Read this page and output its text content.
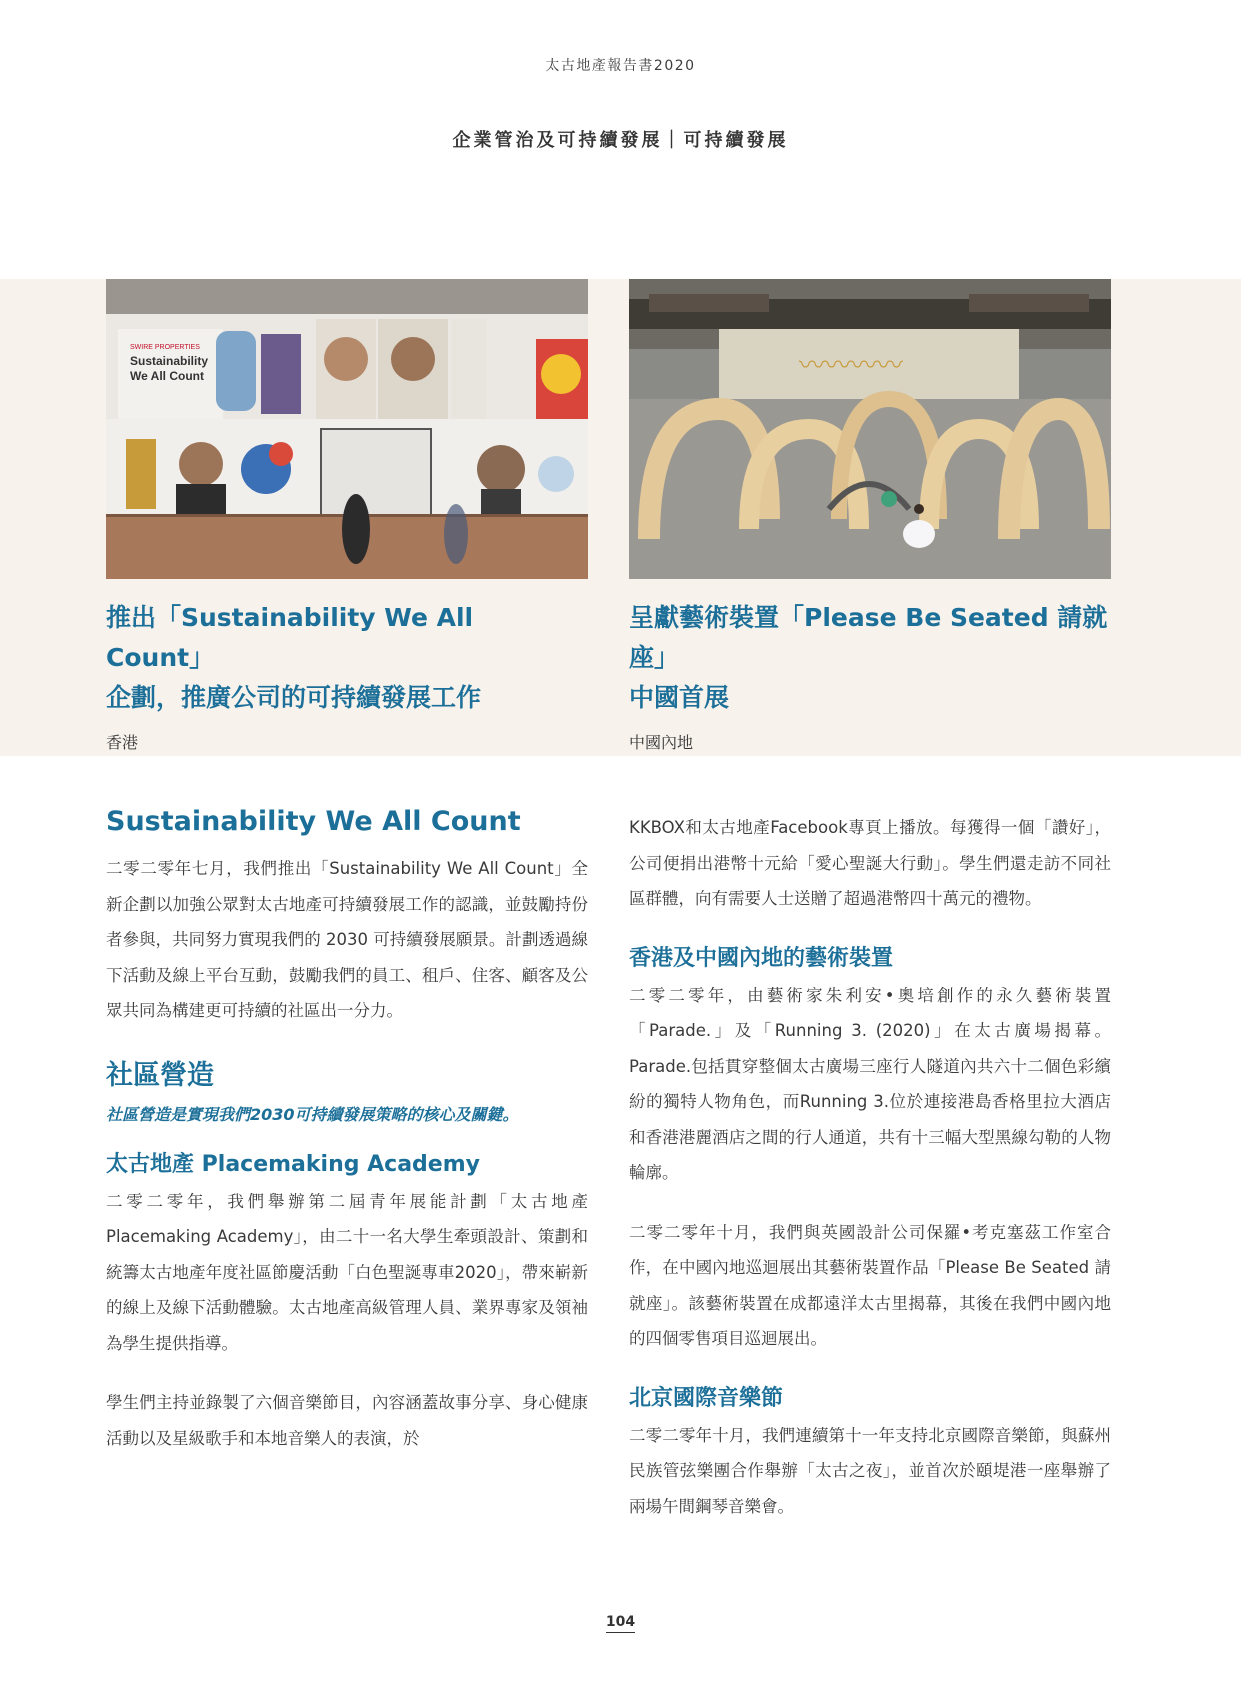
太古地產報告書2020
企業管治及可持續發展｜可持續發展
SWIRE PROPERTIES
Sustainability
We All Count	〰〰〰〰

推出「Sustainability We All Count」
企劃，推廣公司的可持續發展工作

香港

呈獻藝術裝置「Please Be Seated 請就座」
中國首展

中國內地

Sustainability We All Count

二零二零年七月，我們推出「Sustainability We All Count」全新企劃以加強公眾對太古地產可持續發展工作的認識，並鼓勵持份者參與，共同努力實現我們的 2030 可持續發展願景。計劃透過線下活動及線上平台互動，鼓勵我們的員工、租戶、住客、顧客及公眾共同為構建更可持續的社區出一分力。

社區營造

社區營造是實現我們2030可持續發展策略的核心及關鍵。

太古地產 Placemaking Academy

二零二零年，我們舉辦第二屆青年展能計劃「太古地產Placemaking Academy」，由二十一名大學生牽頭設計、策劃和統籌太古地產年度社區節慶活動「白色聖誕專車2020」，帶來嶄新的線上及線下活動體驗。太古地產高級管理人員、業界專家及領袖為學生提供指導。

學生們主持並錄製了六個音樂節目，內容涵蓋故事分享、身心健康活動以及星級歌手和本地音樂人的表演，於

KKBOX和太古地產Facebook專頁上播放。每獲得一個「讚好」，公司便捐出港幣十元給「愛心聖誕大行動」。學生們還走訪不同社區群體，向有需要人士送贈了超過港幣四十萬元的禮物。

香港及中國內地的藝術裝置

二零二零年，由藝術家朱利安•奧培創作的永久藝術裝置「Parade.」及「Running 3. (2020)」在太古廣場揭幕。Parade.包括貫穿整個太古廣場三座行人隧道內共六十二個色彩繽紛的獨特人物角色，而Running 3.位於連接港島香格里拉大酒店和香港港麗酒店之間的行人通道，共有十三幅大型黑線勾勒的人物輪廓。

二零二零年十月，我們與英國設計公司保羅•考克塞茲工作室合作，在中國內地巡迴展出其藝術裝置作品「Please Be Seated 請就座」。該藝術裝置在成都遠洋太古里揭幕，其後在我們中國內地的四個零售項目巡迴展出。

北京國際音樂節

二零二零年十月，我們連續第十一年支持北京國際音樂節，與蘇州民族管弦樂團合作舉辦「太古之夜」，並首次於頤堤港一座舉辦了兩場午間鋼琴音樂會。

104
